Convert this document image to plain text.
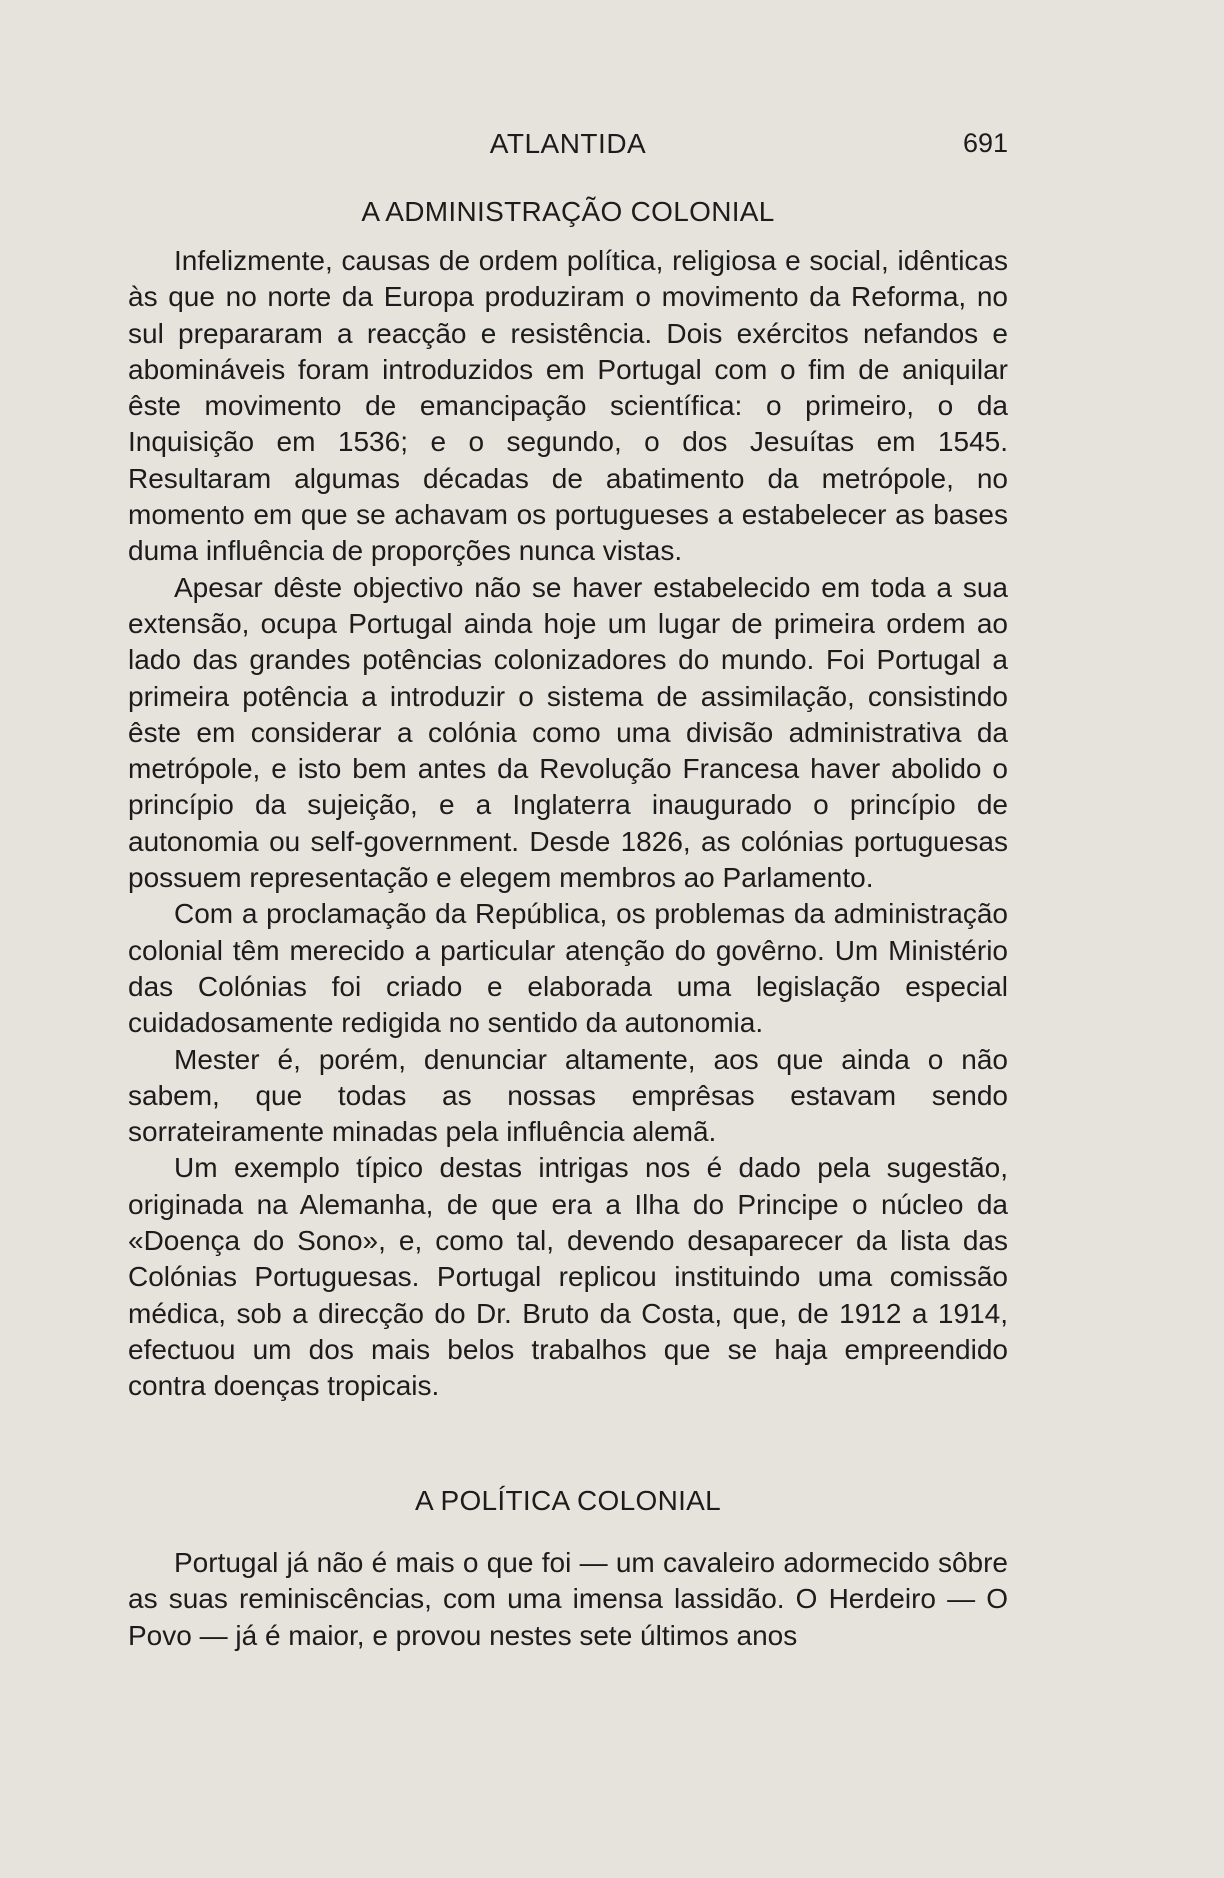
ATLANTIDA	691
A ADMINISTRAÇÃO COLONIAL

Infelizmente, causas de ordem política, religiosa e social, idênticas às que no norte da Europa produziram o movimento da Reforma, no sul prepararam a reacção e resistência. Dois exércitos nefandos e abomináveis foram introduzidos em Portugal com o fim de aniquilar êste movimento de emancipação scientífica: o primeiro, o da Inquisição em 1536; e o segundo, o dos Jesuítas em 1545. Resultaram algumas décadas de abatimento da metrópole, no momento em que se achavam os portugueses a estabelecer as bases duma influência de proporções nunca vistas.

Apesar dêste objectivo não se haver estabelecido em toda a sua extensão, ocupa Portugal ainda hoje um lugar de primeira ordem ao lado das grandes potências colonizadores do mundo. Foi Portugal a primeira potência a introduzir o sistema de assimilação, consistindo êste em considerar a colónia como uma divisão administrativa da metrópole, e isto bem antes da Revolução Francesa haver abolido o princípio da sujeição, e a Inglaterra inaugurado o princípio de autonomia ou self-government. Desde 1826, as colónias portuguesas possuem representação e elegem membros ao Parlamento.

Com a proclamação da República, os problemas da administração colonial têm merecido a particular atenção do govêrno. Um Ministério das Colónias foi criado e elaborada uma legislação especial cuidadosamente redigida no sentido da autonomia.

Mester é, porém, denunciar altamente, aos que ainda o não sabem, que todas as nossas emprêsas estavam sendo sorrateiramente minadas pela influência alemã.

Um exemplo típico destas intrigas nos é dado pela sugestão, originada na Alemanha, de que era a Ilha do Principe o núcleo da «Doença do Sono», e, como tal, devendo desaparecer da lista das Colónias Portuguesas. Portugal replicou instituindo uma comissão médica, sob a direcção do Dr. Bruto da Costa, que, de 1912 a 1914, efectuou um dos mais belos trabalhos que se haja empreendido contra doenças tropicais.

A POLÍTICA COLONIAL

Portugal já não é mais o que foi — um cavaleiro adormecido sôbre as suas reminiscências, com uma imensa lassidão. O Herdeiro — O Povo — já é maior, e provou nestes sete últimos anos
